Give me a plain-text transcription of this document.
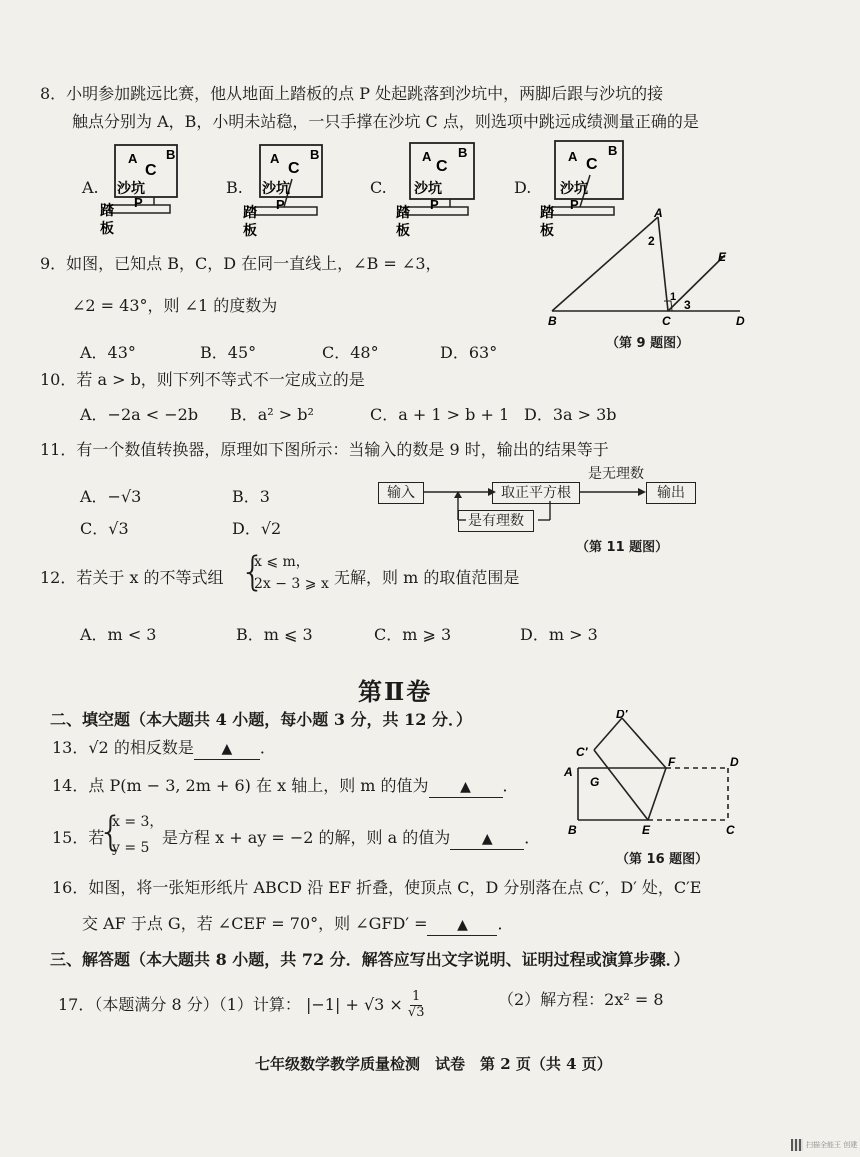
8．小明参加跳远比赛，他从地面上踏板的点 P 处起跳落到沙坑中，两脚后跟与沙坑的接
触点分别为 A，B，小明未站稳，一只手撑在沙坑 C 点，则选项中跳远成绩测量正确的是
A
C
B
沙坑
P
踏
板
A
C
B
沙坑
P
踏
板
A
C
B
沙坑
P
踏
板
A C
B
沙坑
P
踏
板
A.	B.	C.	D.
9．如图，已知点 B，C，D 在同一直线上，∠B = ∠3，
∠2 = 43°，则 ∠1 的度数为
A．43°	B．45°	C．48°	D．63°
A
2
1
3
E
B	C	D
（第 9 题图）
10．若 a > b，则下列不等式不一定成立的是
A．−2a < −2b B．a² > b²	C．a + 1 > b + 1 D．3a > 3b
11．有一个数值转换器，原理如下图所示：当输入的数是 9 时，输出的结果等于
A．−√3	B．3
C．√3	D．√2
输入	取正平方根	输出
是有理数
是无理数
（第 11 题图）
12．若关于 x 的不等式组 {
x ⩽ m，
2x − 3 ⩾ x 无解，则 m 的取值范围是
A．m < 3	B．m ⩽ 3	C．m ⩾ 3	D．m > 3
第Ⅱ卷
二、填空题（本大题共 4 小题，每小题 3 分，共 12 分．）
13．√2 的相反数是 ▲ ．
14．点 P(m − 3, 2m + 6) 在 x 轴上，则 m 的值为 ▲ ．
15．若
{
x = 3，
y = 5
是方程 x + ay = −2 的解，则 a 的值为 ▲ ．
D′
C′
A
G
F	D
B	E	C
（第 16 题图）
16．如图，将一张矩形纸片 ABCD 沿 EF 折叠，使顶点 C，D 分别落在点 C′，D′ 处，C′E
交 AF 于点 G，若 ∠CEF = 70°，则 ∠GFD′ = ▲ ．
三、解答题（本大题共 8 小题，共 72 分．解答应写出文字说明、证明过程或演算步骤．）
17．（本题满分 8 分）（1）计算： $|-1| + √3 \times \frac{1}{√3}$	（2）解方程：2x² = 8
七年级数学教学质量检测　试卷　第 2 页（共 4 页）
扫描全能王 创建
